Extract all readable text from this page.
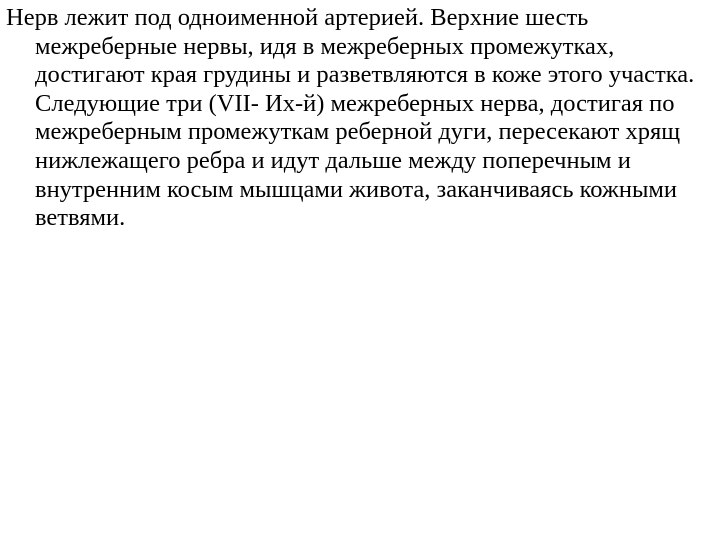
Нерв лежит под одноименной артерией. Верхние шесть межреберные нервы, идя в межреберных промежутках, достигают края грудины и разветвляются в коже этого участка. Следующие три (VII- Их-й) межреберных нерва, достигая по межреберным промежуткам реберной дуги, пересекают хрящ нижлежащего ребра и идут дальше между поперечным и внутренним косым мышцами живота, заканчиваясь кожными ветвями.
